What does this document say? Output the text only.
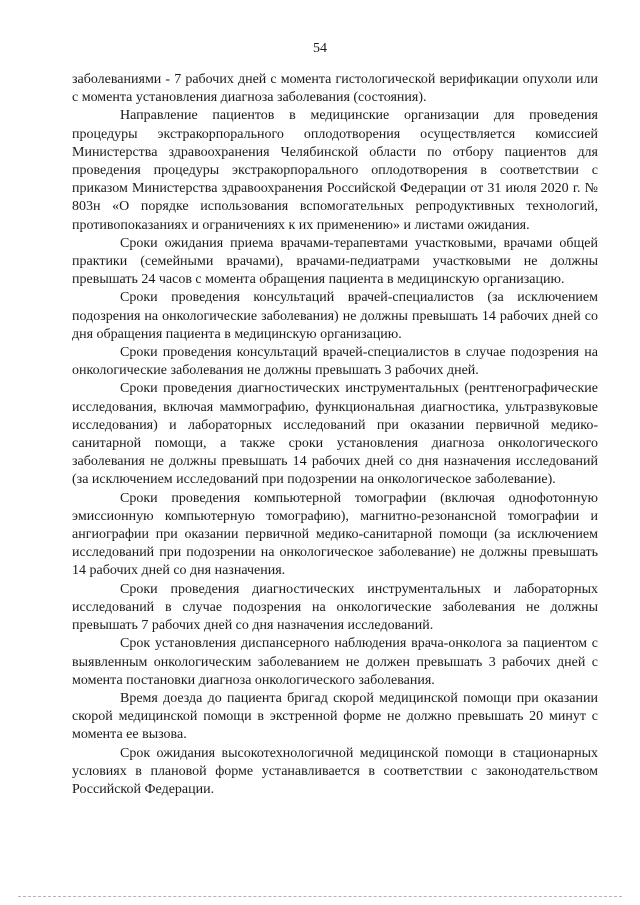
54

заболеваниями - 7 рабочих дней с момента гистологической верификации опухоли или с момента установления диагноза заболевания (состояния).

Направление пациентов в медицинские организации для проведения процедуры экстракорпорального оплодотворения осуществляется комиссией Министерства здравоохранения Челябинской области по отбору пациентов для проведения процедуры экстракорпорального оплодотворения в соответствии с приказом Министерства здравоохранения Российской Федерации от 31 июля 2020 г. № 803н «О порядке использования вспомогательных репродуктивных технологий, противопоказаниях и ограничениях к их применению» и листами ожидания.

Сроки ожидания приема врачами-терапевтами участковыми, врачами общей практики (семейными врачами), врачами-педиатрами участковыми не должны превышать 24 часов с момента обращения пациента в медицинскую организацию.

Сроки проведения консультаций врачей-специалистов (за исключением подозрения на онкологические заболевания) не должны превышать 14 рабочих дней со дня обращения пациента в медицинскую организацию.

Сроки проведения консультаций врачей-специалистов в случае подозрения на онкологические заболевания не должны превышать 3 рабочих дней.

Сроки проведения диагностических инструментальных (рентгенографические исследования, включая маммографию, функциональная диагностика, ультразвуковые исследования) и лабораторных исследований при оказании первичной медико-санитарной помощи, а также сроки установления диагноза онкологического заболевания не должны превышать 14 рабочих дней со дня назначения исследований (за исключением исследований при подозрении на онкологическое заболевание).

Сроки проведения компьютерной томографии (включая однофотонную эмиссионную компьютерную томографию), магнитно-резонансной томографии и ангиографии при оказании первичной медико-санитарной помощи (за исключением исследований при подозрении на онкологическое заболевание) не должны превышать 14 рабочих дней со дня назначения.

Сроки проведения диагностических инструментальных и лабораторных исследований в случае подозрения на онкологические заболевания не должны превышать 7 рабочих дней со дня назначения исследований.

Срок установления диспансерного наблюдения врача-онколога за пациентом с выявленным онкологическим заболеванием не должен превышать 3 рабочих дней с момента постановки диагноза онкологического заболевания.

Время доезда до пациента бригад скорой медицинской помощи при оказании скорой медицинской помощи в экстренной форме не должно превышать 20 минут с момента ее вызова.

Срок ожидания высокотехнологичной медицинской помощи в стационарных условиях в плановой форме устанавливается в соответствии с законодательством Российской Федерации.
